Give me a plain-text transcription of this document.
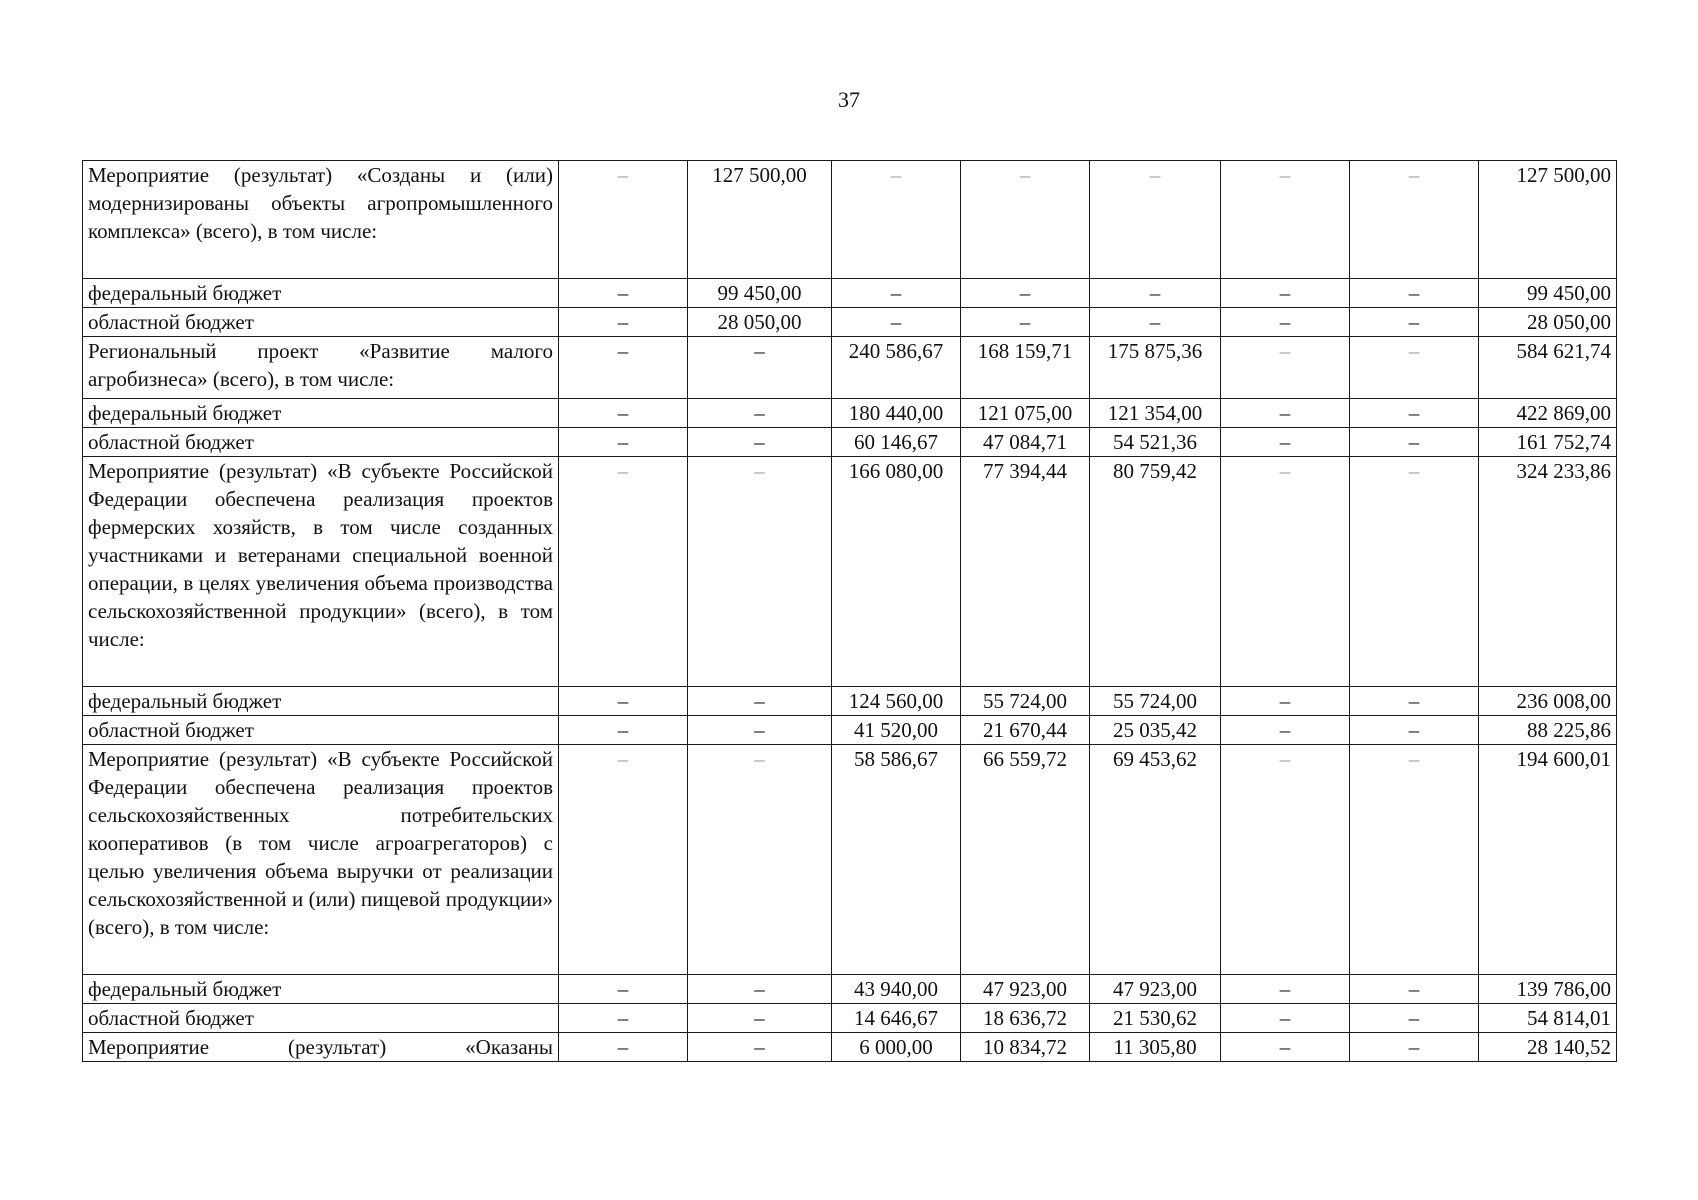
37
Мероприятие (результат) «Созданы и (или) модернизированы объекты агропромышленного комплекса» (всего), в том числе:	–	127 500,00	–	–	–	–	–	127 500,00
федеральный бюджет	–	99 450,00	–	–	–	–	–	99 450,00
областной бюджет	–	28 050,00	–	–	–	–	–	28 050,00
Региональный проект «Развитие малого агробизнеса» (всего), в том числе:	–	–	240 586,67	168 159,71	175 875,36	–	–	584 621,74
федеральный бюджет	–	–	180 440,00	121 075,00	121 354,00	–	–	422 869,00
областной бюджет	–	–	60 146,67	47 084,71	54 521,36	–	–	161 752,74
Мероприятие (результат) «В субъекте Российской Федерации обеспечена реализация проектов фермерских хозяйств, в том числе созданных участниками и ветеранами специальной военной операции, в целях увеличения объема производства сельскохозяйственной продукции» (всего), в том числе:	–	–	166 080,00	77 394,44	80 759,42	–	–	324 233,86
федеральный бюджет	–	–	124 560,00	55 724,00	55 724,00	–	–	236 008,00
областной бюджет	–	–	41 520,00	21 670,44	25 035,42	–	–	88 225,86
Мероприятие (результат) «В субъекте Российской Федерации обеспечена реализация проектов сельскохозяйственных потребительских кооперативов (в том числе агроагрегаторов) с целью увеличения объема выручки от реализации сельскохозяйственной и (или) пищевой продукции» (всего), в том числе:	–	–	58 586,67	66 559,72	69 453,62	–	–	194 600,01
федеральный бюджет	–	–	43 940,00	47 923,00	47 923,00	–	–	139 786,00
областной бюджет	–	–	14 646,67	18 636,72	21 530,62	–	–	54 814,01
Мероприятие (результат) «Оказаны	–	–	6 000,00	10 834,72	11 305,80	–	–	28 140,52
